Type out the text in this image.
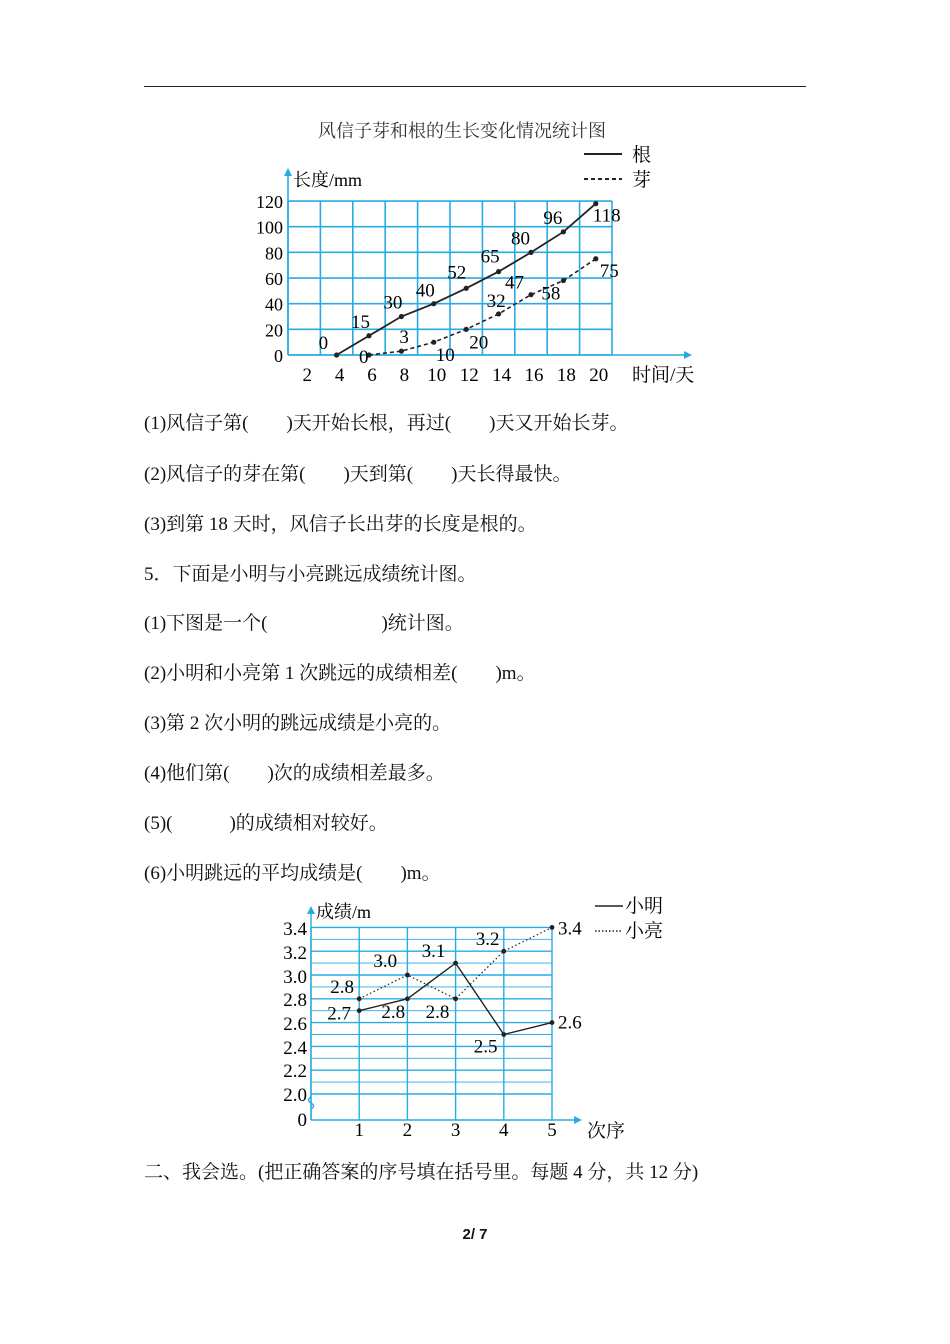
风信子芽和根的生长变化情况统计图
长度/mm
时间/天
0
20
40
60
80
100
120
2 4 6 8 10 12 14 16 18 20
根
芽
0
15
30
40
52
65
80
96 118
0
3
10
20
32
47
58
75
(1)风信子第(        )天开始长根，再过(        )天又开始长芽。
(2)风信子的芽在第(        )天到第(        )天长得最快。
(3)到第 18 天时，风信子长出芽的长度是根的。
5．下面是小明与小亮跳远成绩统计图。
(1)下图是一个(                        )统计图。
(2)小明和小亮第 1 次跳远的成绩相差(        )m。
(3)第 2 次小明的跳远成绩是小亮的。
(4)他们第(        )次的成绩相差最多。
(5)(            )的成绩相对较好。
(6)小明跳远的平均成绩是(        )m。
成绩/m
次序
0
2.0
2.2
2.4
2.6
2.8
3.0
3.2
3.4
1 2 3 4 5
小明
小亮
2.7 2.8
3.1
2.5
2.6
2.8
3.0
2.8
3.2
3.4
二、我会选。(把正确答案的序号填在括号里。每题 4 分，共 12 分)
2/ 7
